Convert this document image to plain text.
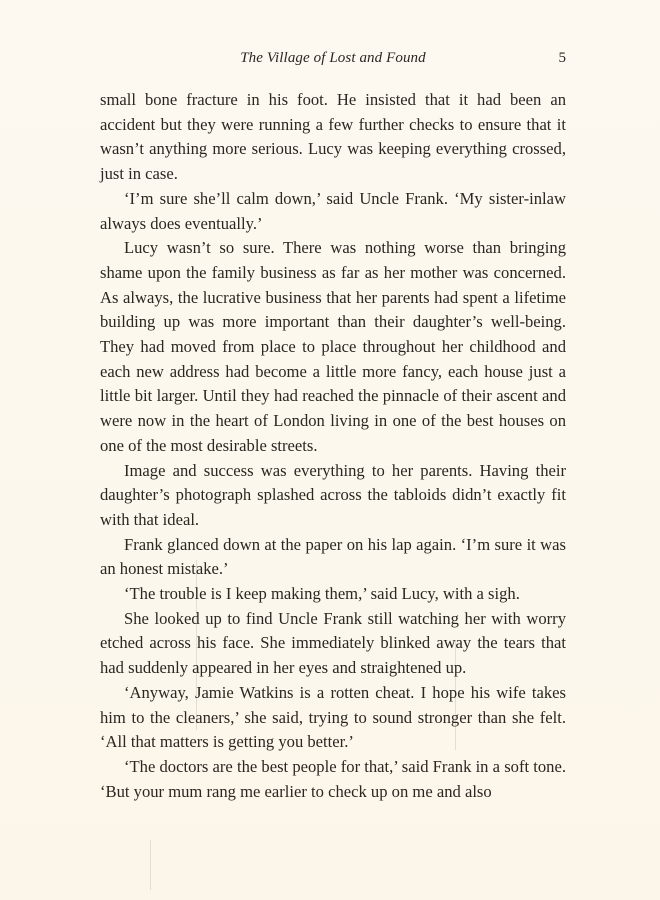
The Village of Lost and Found	5

small bone fracture in his foot. He insisted that it had been an accident but they were running a few further checks to ensure that it wasn’t anything more serious. Lucy was keeping everything crossed, just in case.

‘I’m sure she’ll calm down,’ said Uncle Frank. ‘My sister-inlaw always does eventually.’

Lucy wasn’t so sure. There was nothing worse than bringing shame upon the family business as far as her mother was concerned. As always, the lucrative business that her parents had spent a lifetime building up was more important than their daughter’s well-being. They had moved from place to place throughout her childhood and each new address had become a little more fancy, each house just a little bit larger. Until they had reached the pinnacle of their ascent and were now in the heart of London living in one of the best houses on one of the most desirable streets.

Image and success was everything to her parents. Having their daughter’s photograph splashed across the tabloids didn’t exactly fit with that ideal.

Frank glanced down at the paper on his lap again. ‘I’m sure it was an honest mistake.’

‘The trouble is I keep making them,’ said Lucy, with a sigh.

She looked up to find Uncle Frank still watching her with worry etched across his face. She immediately blinked away the tears that had suddenly appeared in her eyes and straightened up.

‘Anyway, Jamie Watkins is a rotten cheat. I hope his wife takes him to the cleaners,’ she said, trying to sound stronger than she felt. ‘All that matters is getting you better.’

‘The doctors are the best people for that,’ said Frank in a soft tone. ‘But your mum rang me earlier to check up on me and also
